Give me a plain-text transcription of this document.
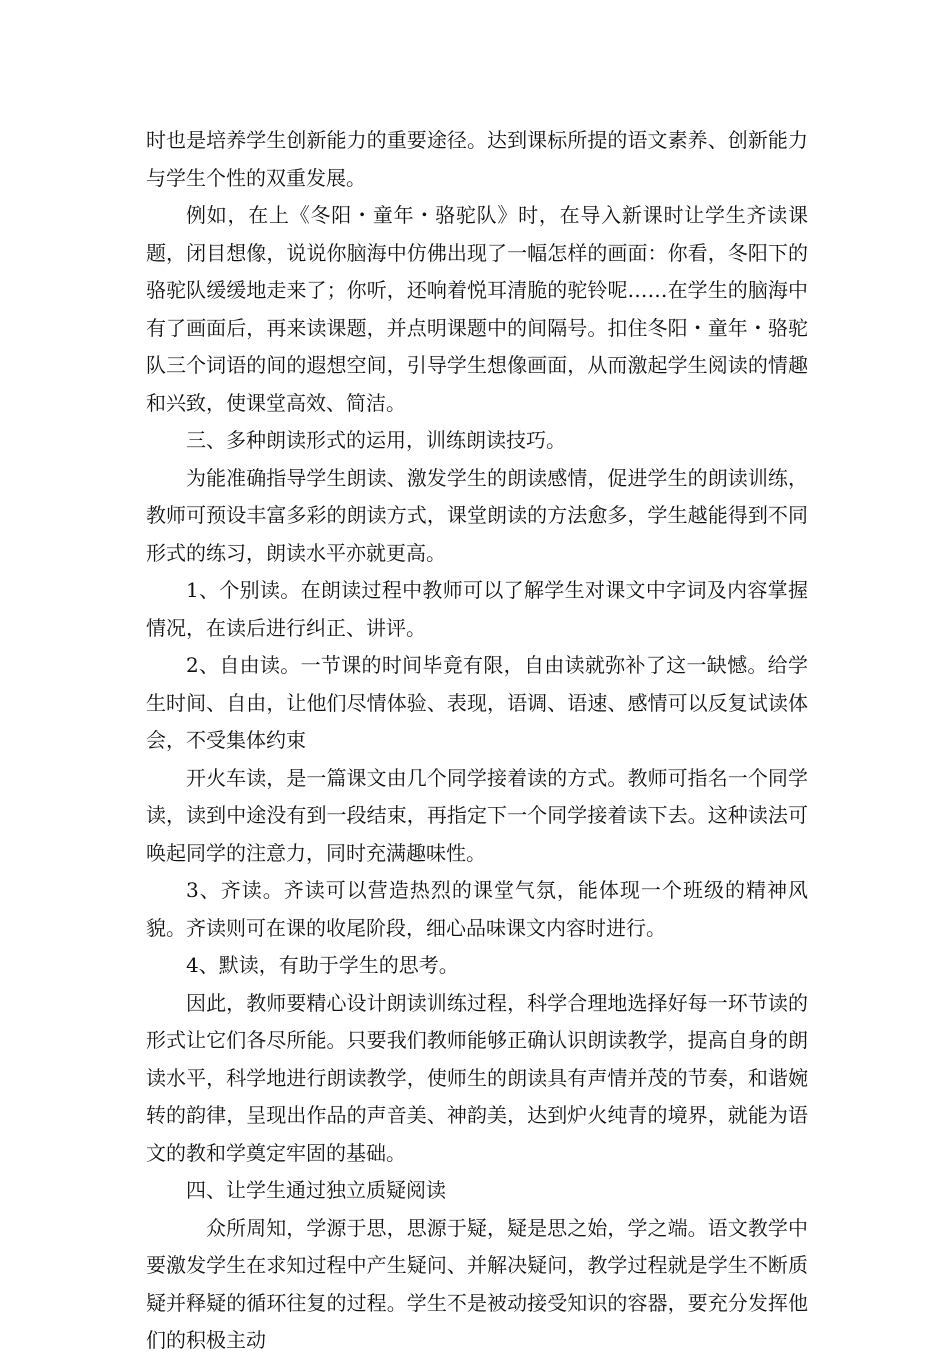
时也是培养学生创新能力的重要途径。达到课标所提的语文素养、创新能力与学生个性的双重发展。

例如，在上《冬阳・童年・骆驼队》时，在导入新课时让学生齐读课题，闭目想像，说说你脑海中仿佛出现了一幅怎样的画面：你看，冬阳下的骆驼队缓缓地走来了；你听，还响着悦耳清脆的驼铃呢……在学生的脑海中有了画面后，再来读课题，并点明课题中的间隔号。扣住冬阳・童年・骆驼队三个词语的间的遐想空间，引导学生想像画面，从而激起学生阅读的情趣和兴致，使课堂高效、简洁。

三、多种朗读形式的运用，训练朗读技巧。

为能准确指导学生朗读、激发学生的朗读感情，促进学生的朗读训练，教师可预设丰富多彩的朗读方式，课堂朗读的方法愈多，学生越能得到不同形式的练习，朗读水平亦就更高。

1、个别读。在朗读过程中教师可以了解学生对课文中字词及内容掌握情况，在读后进行纠正、讲评。

2、自由读。一节课的时间毕竟有限，自由读就弥补了这一缺憾。给学生时间、自由，让他们尽情体验、表现，语调、语速、感情可以反复试读体会，不受集体约束

开火车读，是一篇课文由几个同学接着读的方式。教师可指名一个同学读，读到中途没有到一段结束，再指定下一个同学接着读下去。这种读法可唤起同学的注意力，同时充满趣味性。

3、齐读。齐读可以营造热烈的课堂气氛，能体现一个班级的精神风貌。齐读则可在课的收尾阶段，细心品味课文内容时进行。

4、默读，有助于学生的思考。

因此，教师要精心设计朗读训练过程，科学合理地选择好每一环节读的形式让它们各尽所能。只要我们教师能够正确认识朗读教学，提高自身的朗读水平，科学地进行朗读教学，使师生的朗读具有声情并茂的节奏，和谐婉转的韵律，呈现出作品的声音美、神韵美，达到炉火纯青的境界，就能为语文的教和学奠定牢固的基础。

四、让学生通过独立质疑阅读

众所周知，学源于思，思源于疑，疑是思之始，学之端。语文教学中要激发学生在求知过程中产生疑问、并解决疑问，教学过程就是学生不断质疑并释疑的循环往复的过程。学生不是被动接受知识的容器，要充分发挥他们的积极主动
